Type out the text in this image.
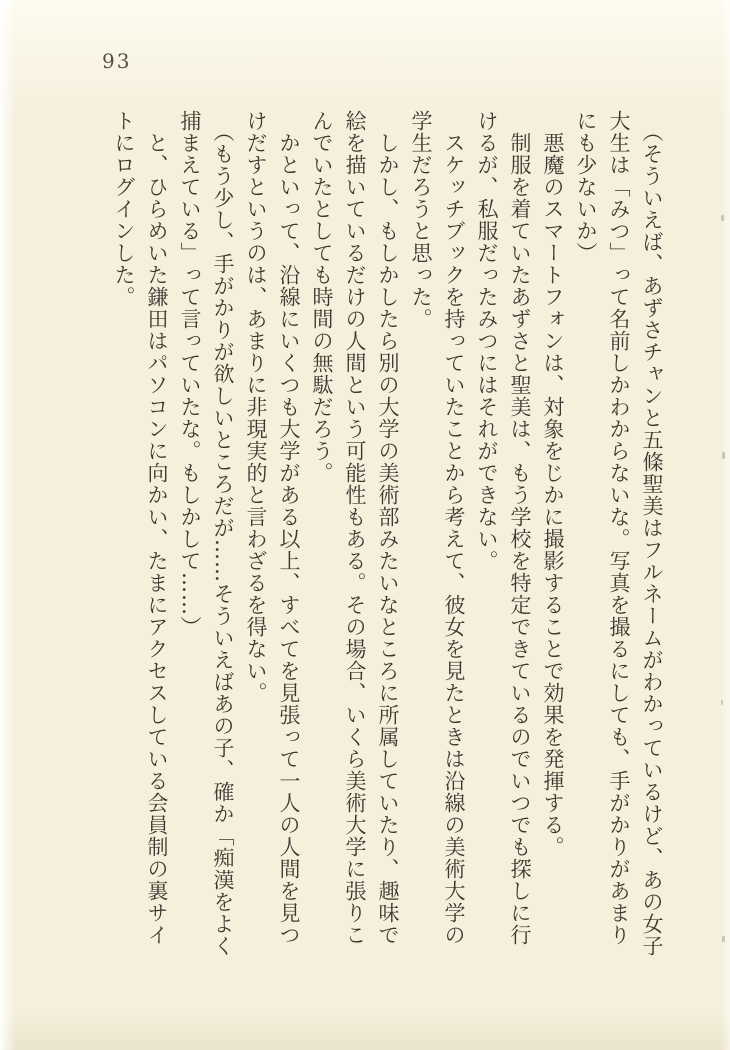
93

（そういえば、あずさチャンと五條聖美はフルネームがわかっているけど、あの女子大生は「みつ」って名前しかわからないな。写真を撮るにしても、手がかりがあまりにも少ないか）

悪魔のスマートフォンは、対象をじかに撮影することで効果を発揮する。

制服を着ていたあずさと聖美は、もう学校を特定できているのでいつでも探しに行けるが、私服だったみつにはそれができない。

スケッチブックを持っていたことから考えて、彼女を見たときは沿線の美術大学の学生だろうと思った。

しかし、もしかしたら別の大学の美術部みたいなところに所属していたり、趣味で絵を描いているだけの人間という可能性もある。その場合、いくら美術大学に張りこんでいたとしても時間の無駄だろう。

かといって、沿線にいくつも大学がある以上、すべてを見張って一人の人間を見つけだすというのは、あまりに非現実的と言わざるを得ない。

（もう少し、手がかりが欲しいところだが……そういえばあの子、確か「痴漢をよく捕まえている」って言っていたな。もしかして……）

と、ひらめいた鎌田はパソコンに向かい、たまにアクセスしている会員制の裏サイトにログインした。
